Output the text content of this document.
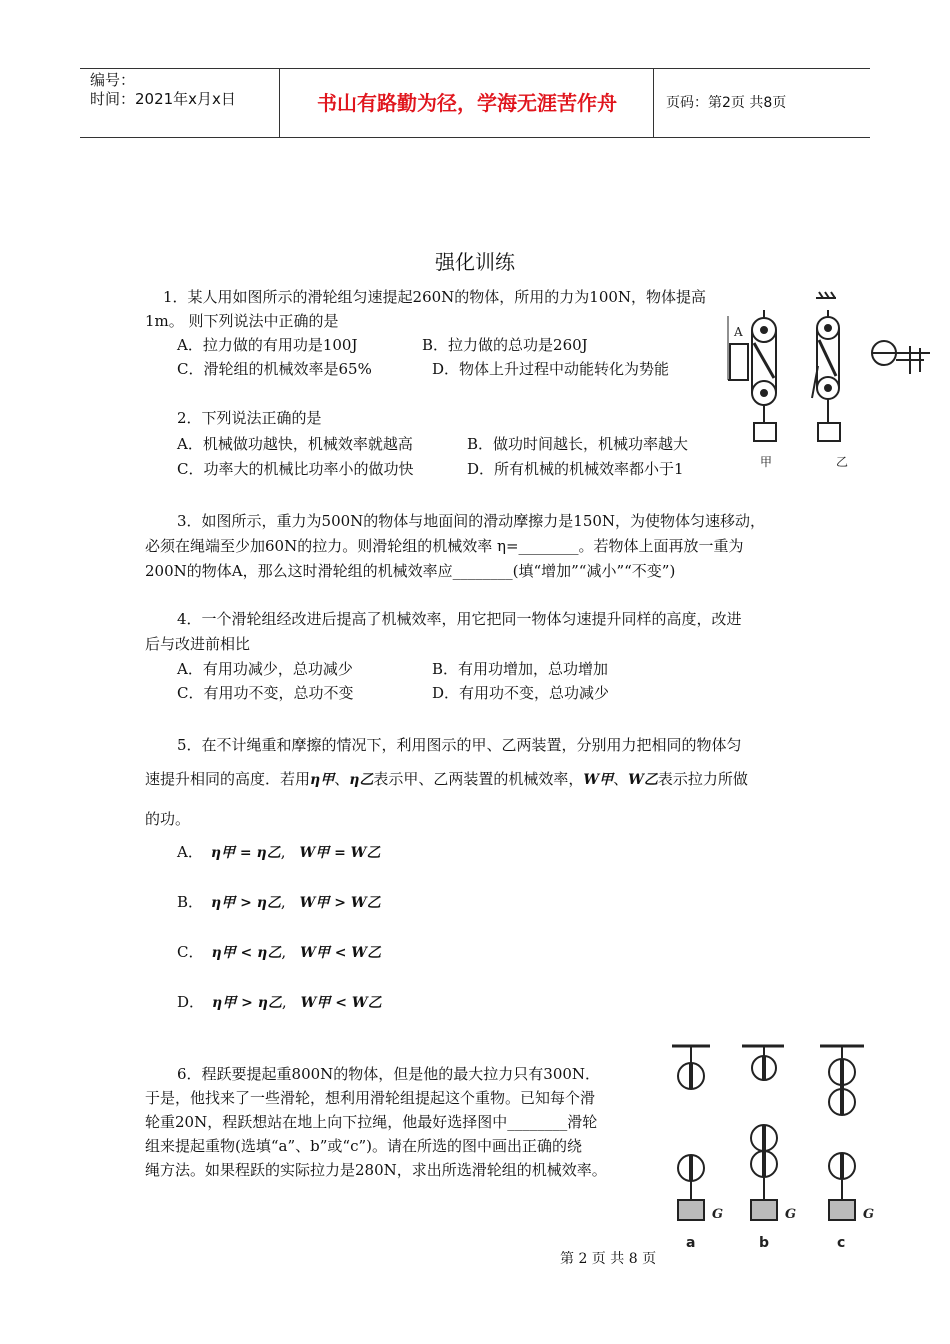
编号：
时间：2021年x月x日	书山有路勤为径，学海无涯苦作舟	页码：第2页 共8页
强化训练
1．某人用如图所示的滑轮组匀速提起260N的物体，所用的力为100N，物体提高
1m。 则下列说法中正确的是
A．拉力做的有用功是100J	B．拉力做的总功是260J
C．滑轮组的机械效率是65%	D．物体上升过程中动能转化为势能
2．下列说法正确的是
A．机械做功越快，机械效率就越高	B．做功时间越长，机械功率越大
C．功率大的机械比功率小的做功快	D．所有机械的机械效率都小于1	甲	乙
A
3．如图所示，重力为500N的物体与地面间的滑动摩擦力是150N，为使物体匀速移动，
必须在绳端至少加60N的拉力。则滑轮组的机械效率 η=________。若物体上面再放一重为
200N的物体A，那么这时滑轮组的机械效率应________(填“增加”“减小”“不变”)
4．一个滑轮组经改进后提高了机械效率，用它把同一物体匀速提升同样的高度，改进
后与改进前相比
A．有用功减少，总功减少	B．有用功增加，总功增加
C．有用功不变，总功不变	D．有用功不变，总功减少
5．在不计绳重和摩擦的情况下，利用图示的甲、乙两装置，分别用力把相同的物体匀
速提升相同的高度．若用η甲、η乙表示甲、乙两装置的机械效率，W甲、W乙表示拉力所做
的功。
A． η甲 = η乙, W甲 = W乙
B． η甲 > η乙, W甲 > W乙
C． η甲 < η乙, W甲 < W乙
D． η甲 > η乙, W甲 < W乙
6．程跃要提起重800N的物体，但是他的最大拉力只有300N．
于是，他找来了一些滑轮，想利用滑轮组提起这个重物。已知每个滑
轮重20N，程跃想站在地上向下拉绳，他最好选择图中________滑轮
组来提起重物(选填“a”、b”或“c”)。请在所选的图中画出正确的绕
绳方法。如果程跃的实际拉力是280N，求出所选滑轮组的机械效率。
G	G	G
a	b	c
第 2 页 共 8 页
